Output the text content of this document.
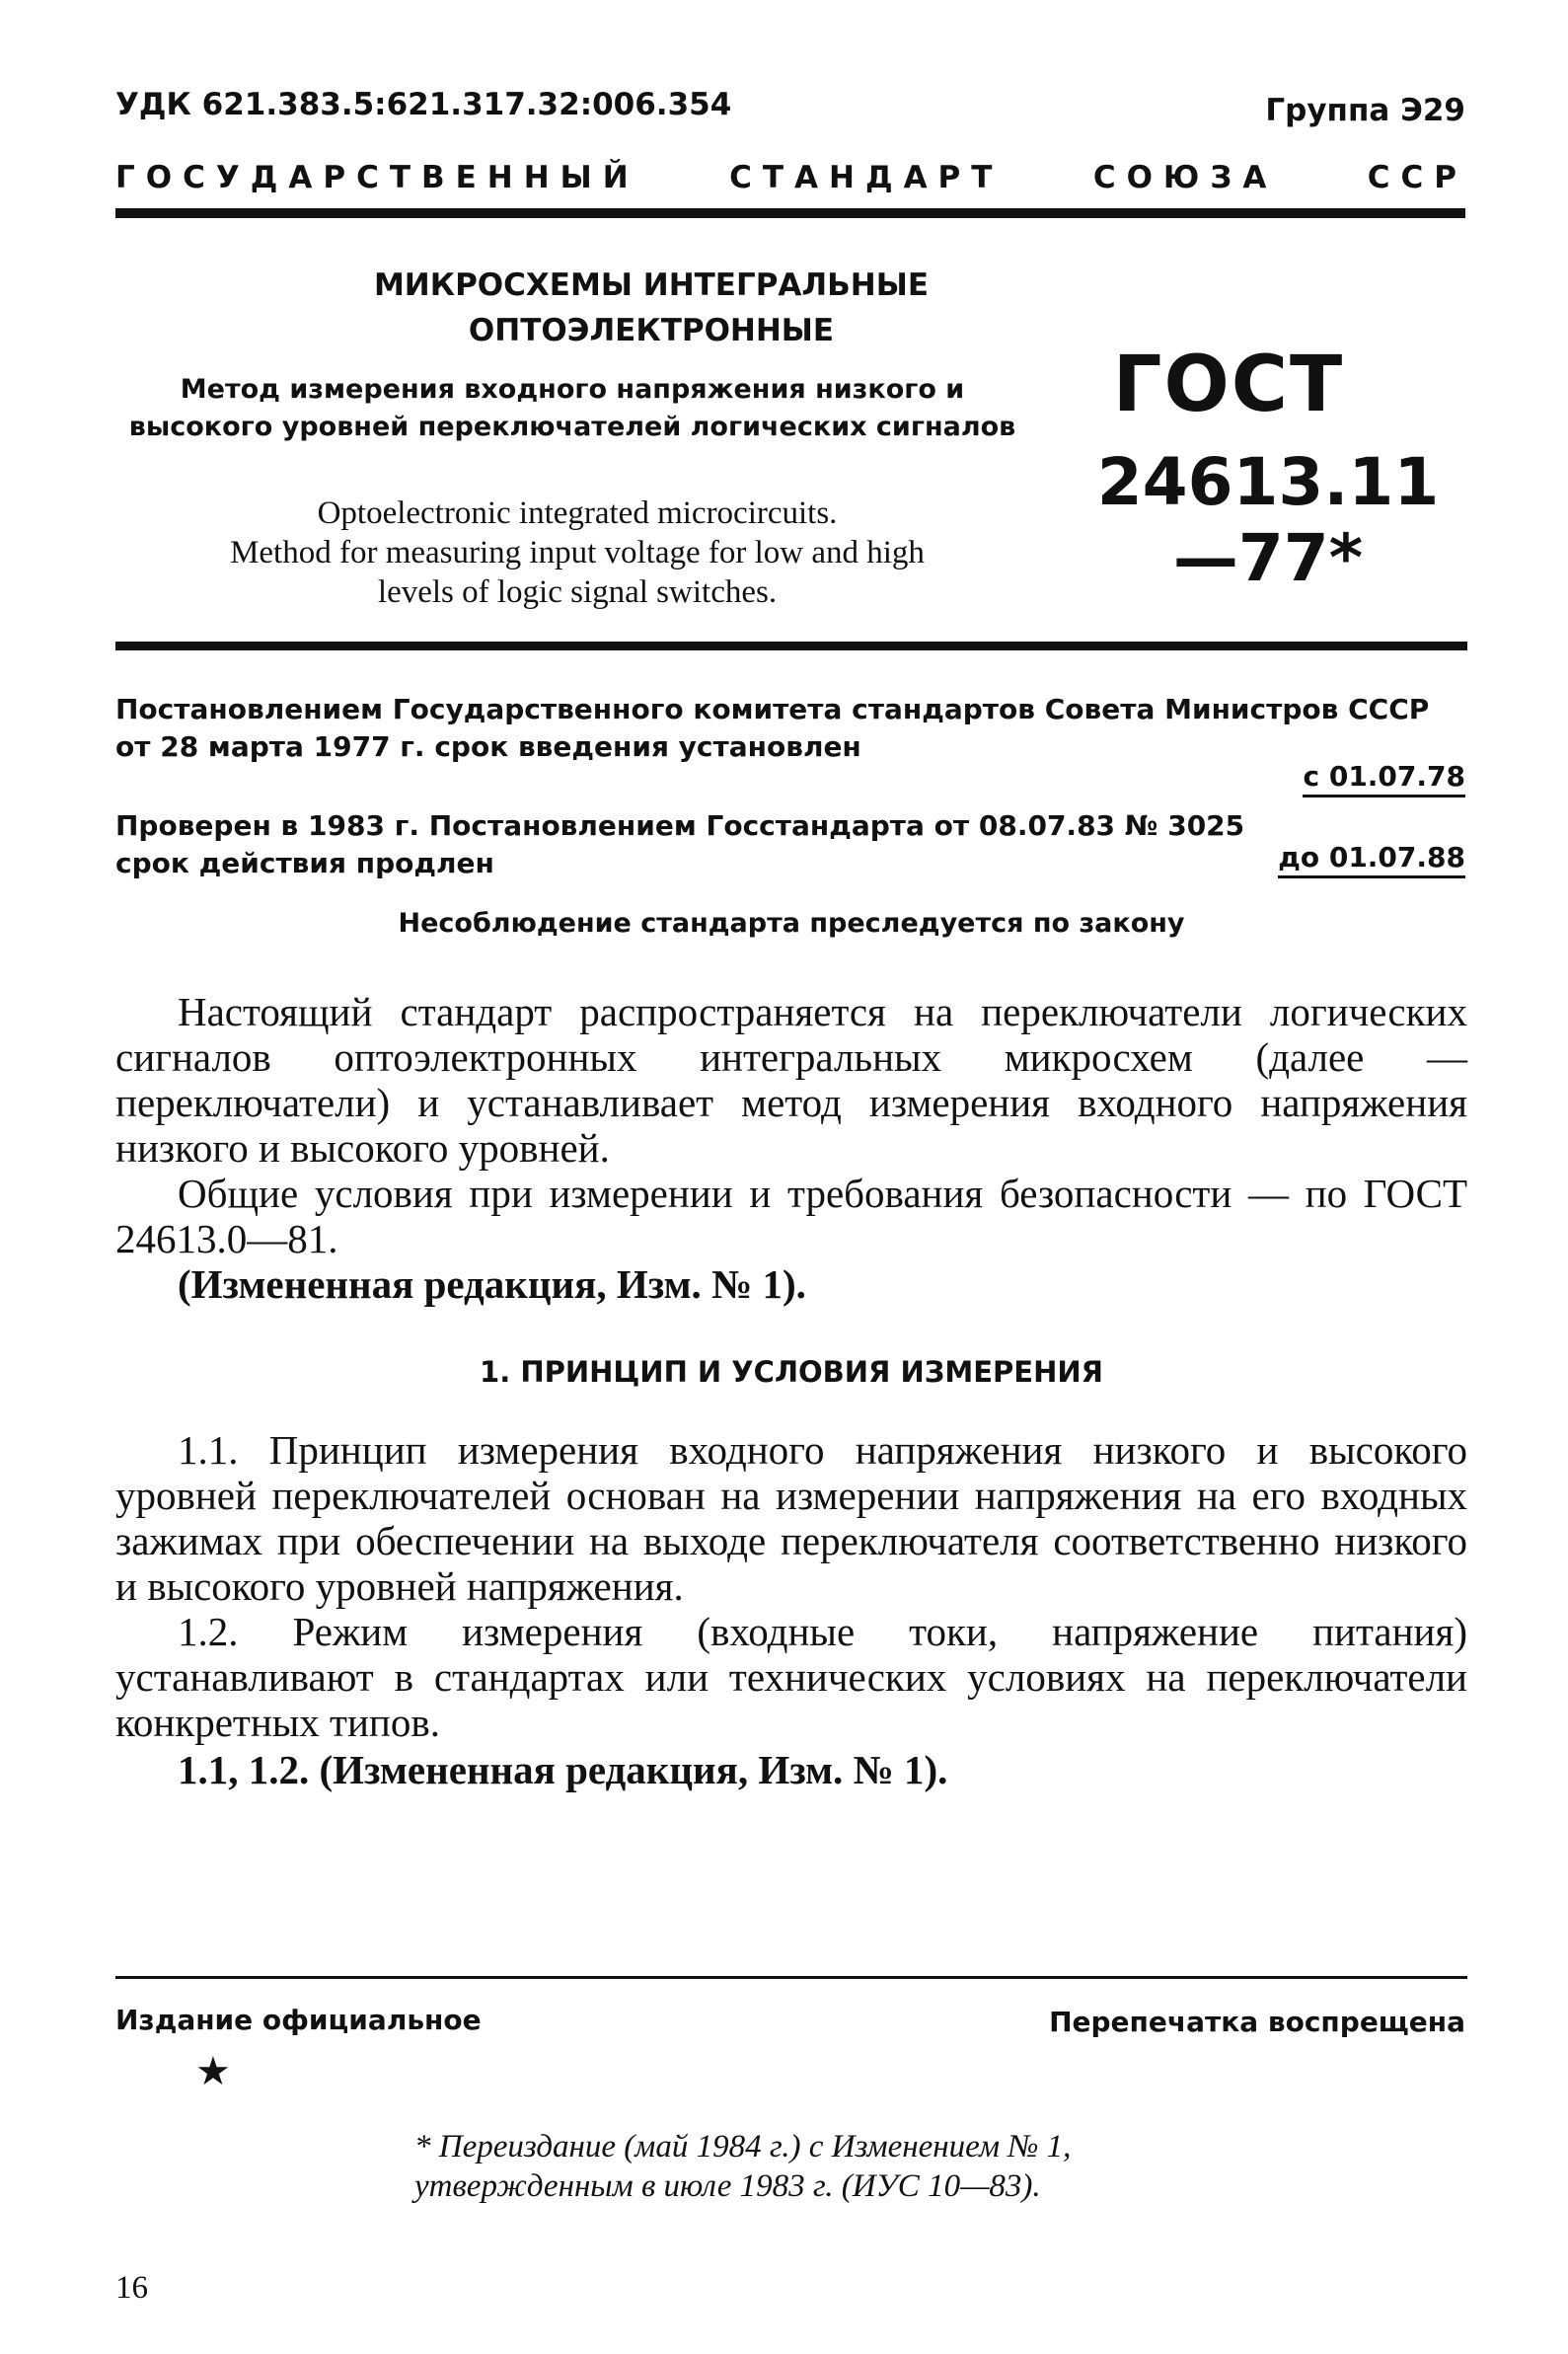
УДК 621.383.5:621.317.32:006.354	Группа Э29
ГОСУДАРСТВЕННЫЙ	СТАНДАРТ	СОЮЗА	ССР
МИКРОСХЕМЫ ИНТЕГРАЛЬНЫЕ
ОПТОЭЛЕКТРОННЫЕ
Метод измерения входного напряжения низкого и
высокого уровней переключателей логических сигналов
Optoelectronic integrated microcircuits.
Method for measuring input voltage for low and high
levels of logic signal switches.
ГОСТ
24613.11—77*
Постановлением Государственного комитета стандартов Совета Министров СССР
от 28 марта 1977 г. срок введения установлен
с 01.07.78
Проверен в 1983 г. Постановлением Госстандарта от 08.07.83 № 3025
срок действия продлен	до 01.07.88
Несоблюдение стандарта преследуется по закону
Настоящий стандарт распространяется на переключатели логических сигналов оптоэлектронных интегральных микросхем (далее — переключатели) и устанавливает метод измерения входного напряжения низкого и высокого уровней.
Общие условия при измерении и требования безопасности — по ГОСТ 24613.0—81.
(Измененная редакция, Изм. № 1).
1. ПРИНЦИП И УСЛОВИЯ ИЗМЕРЕНИЯ
1.1. Принцип измерения входного напряжения низкого и высокого уровней переключателей основан на измерении напряжения на его входных зажимах при обеспечении на выходе переключателя соответственно низкого и высокого уровней напряжения.
1.2. Режим измерения (входные токи, напряжение питания) устанавливают в стандартах или технических условиях на переключатели конкретных типов.
1.1, 1.2. (Измененная редакция, Изм. № 1).
Издание официальное	Перепечатка воспрещена
★
* Переиздание (май 1984 г.) с Изменением № 1,
утвержденным в июле 1983 г. (ИУС 10—83).
16
